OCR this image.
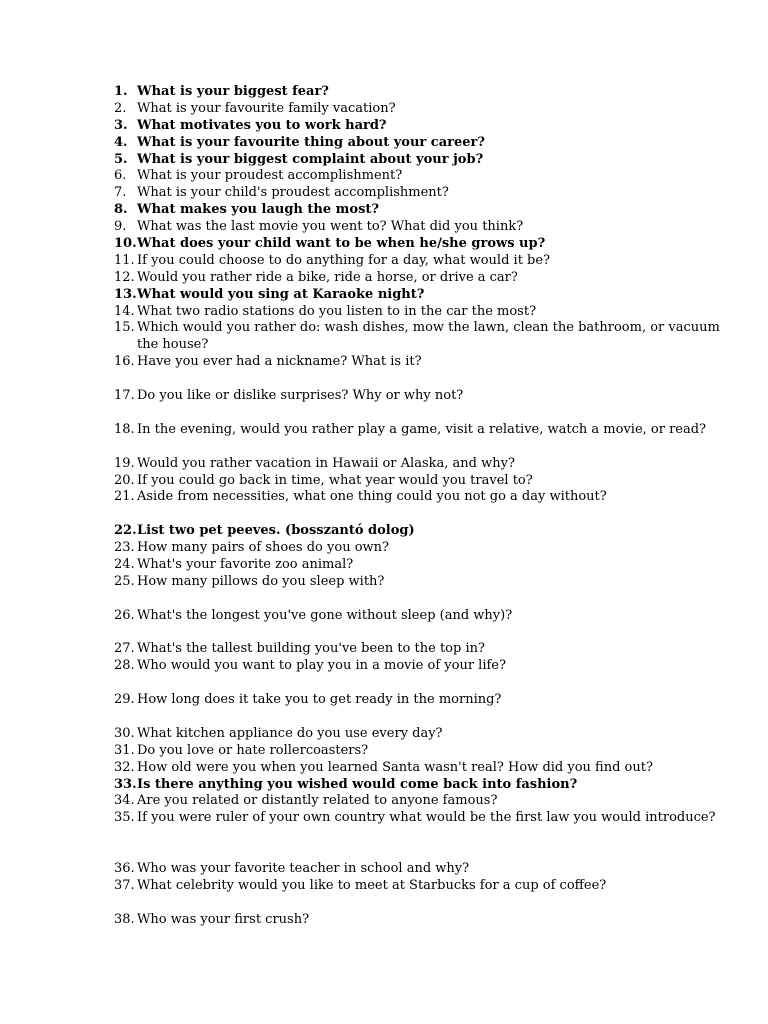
1. What is your biggest fear?
2. What is your favourite family vacation?
3. What motivates you to work hard?
4. What is your favourite thing about your career?
5. What is your biggest complaint about your job?
6. What is your proudest accomplishment?
7. What is your child's proudest accomplishment?
8. What makes you laugh the most?
9. What was the last movie you went to? What did you think?
10. What does your child want to be when he/she grows up?
11. If you could choose to do anything for a day, what would it be?
12. Would you rather ride a bike, ride a horse, or drive a car?
13. What would you sing at Karaoke night?
14. What two radio stations do you listen to in the car the most?
15. Which would you rather do: wash dishes, mow the lawn, clean the bathroom, or vacuum the house?
16. Have you ever had a nickname? What is it?
17. Do you like or dislike surprises? Why or why not?
18. In the evening, would you rather play a game, visit a relative, watch a movie, or read?
19. Would you rather vacation in Hawaii or Alaska, and why?
20. If you could go back in time, what year would you travel to?
21. Aside from necessities, what one thing could you not go a day without?
22. List two pet peeves. (bosszantó dolog)
23. How many pairs of shoes do you own?
24. What's your favorite zoo animal?
25. How many pillows do you sleep with?
26. What's the longest you've gone without sleep (and why)?
27. What's the tallest building you've been to the top in?
28. Who would you want to play you in a movie of your life?
29. How long does it take you to get ready in the morning?
30. What kitchen appliance do you use every day?
31. Do you love or hate rollercoasters?
32. How old were you when you learned Santa wasn't real? How did you find out?
33. Is there anything you wished would come back into fashion?
34. Are you related or distantly related to anyone famous?
35. If you were ruler of your own country what would be the first law you would introduce?
36. Who was your favorite teacher in school and why?
37. What celebrity would you like to meet at Starbucks for a cup of coffee?
38. Who was your first crush?
